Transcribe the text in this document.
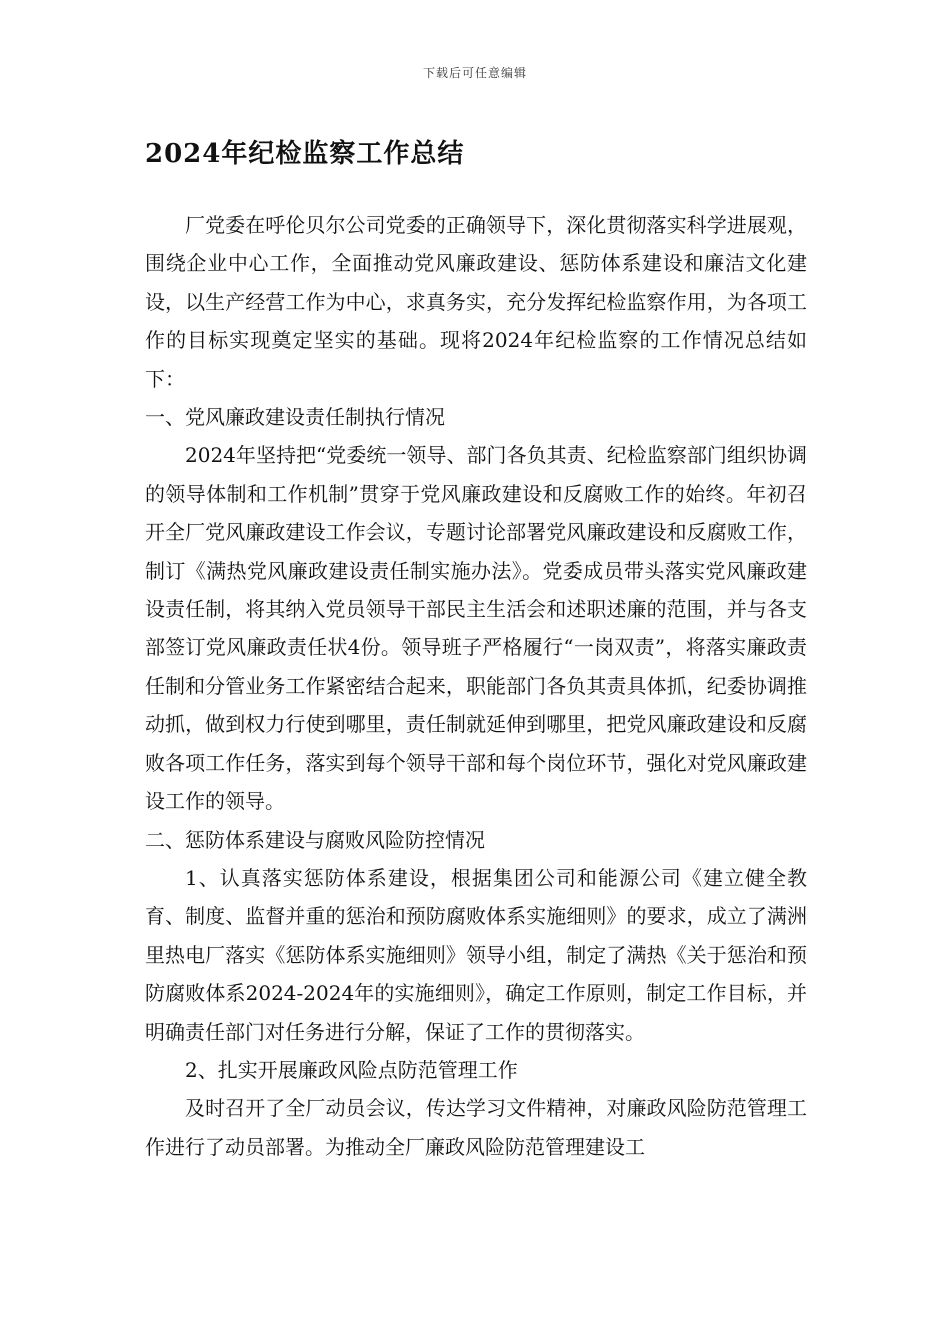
下载后可任意编辑
2024年纪检监察工作总结

厂党委在呼伦贝尔公司党委的正确领导下，深化贯彻落实科学进展观，围绕企业中心工作，全面推动党风廉政建设、惩防体系建设和廉洁文化建设，以生产经营工作为中心，求真务实，充分发挥纪检监察作用，为各项工作的目标实现奠定坚实的基础。现将2024年纪检监察的工作情况总结如下：

一、党风廉政建设责任制执行情况

2024年坚持把“党委统一领导、部门各负其责、纪检监察部门组织协调的领导体制和工作机制”贯穿于党风廉政建设和反腐败工作的始终。年初召开全厂党风廉政建设工作会议，专题讨论部署党风廉政建设和反腐败工作，制订《满热党风廉政建设责任制实施办法》。党委成员带头落实党风廉政建设责任制，将其纳入党员领导干部民主生活会和述职述廉的范围，并与各支部签订党风廉政责任状4份。领导班子严格履行“一岗双责”，将落实廉政责任制和分管业务工作紧密结合起来，职能部门各负其责具体抓，纪委协调推动抓，做到权力行使到哪里，责任制就延伸到哪里，把党风廉政建设和反腐败各项工作任务，落实到每个领导干部和每个岗位环节，强化对党风廉政建设工作的领导。

二、惩防体系建设与腐败风险防控情况

1、认真落实惩防体系建设，根据集团公司和能源公司《建立健全教育、制度、监督并重的惩治和预防腐败体系实施细则》的要求，成立了满洲里热电厂落实《惩防体系实施细则》领导小组，制定了满热《关于惩治和预防腐败体系2024-2024年的实施细则》，确定工作原则，制定工作目标，并明确责任部门对任务进行分解，保证了工作的贯彻落实。

2、扎实开展廉政风险点防范管理工作

及时召开了全厂动员会议，传达学习文件精神，对廉政风险防范管理工作进行了动员部署。为推动全厂廉政风险防范管理建设工
